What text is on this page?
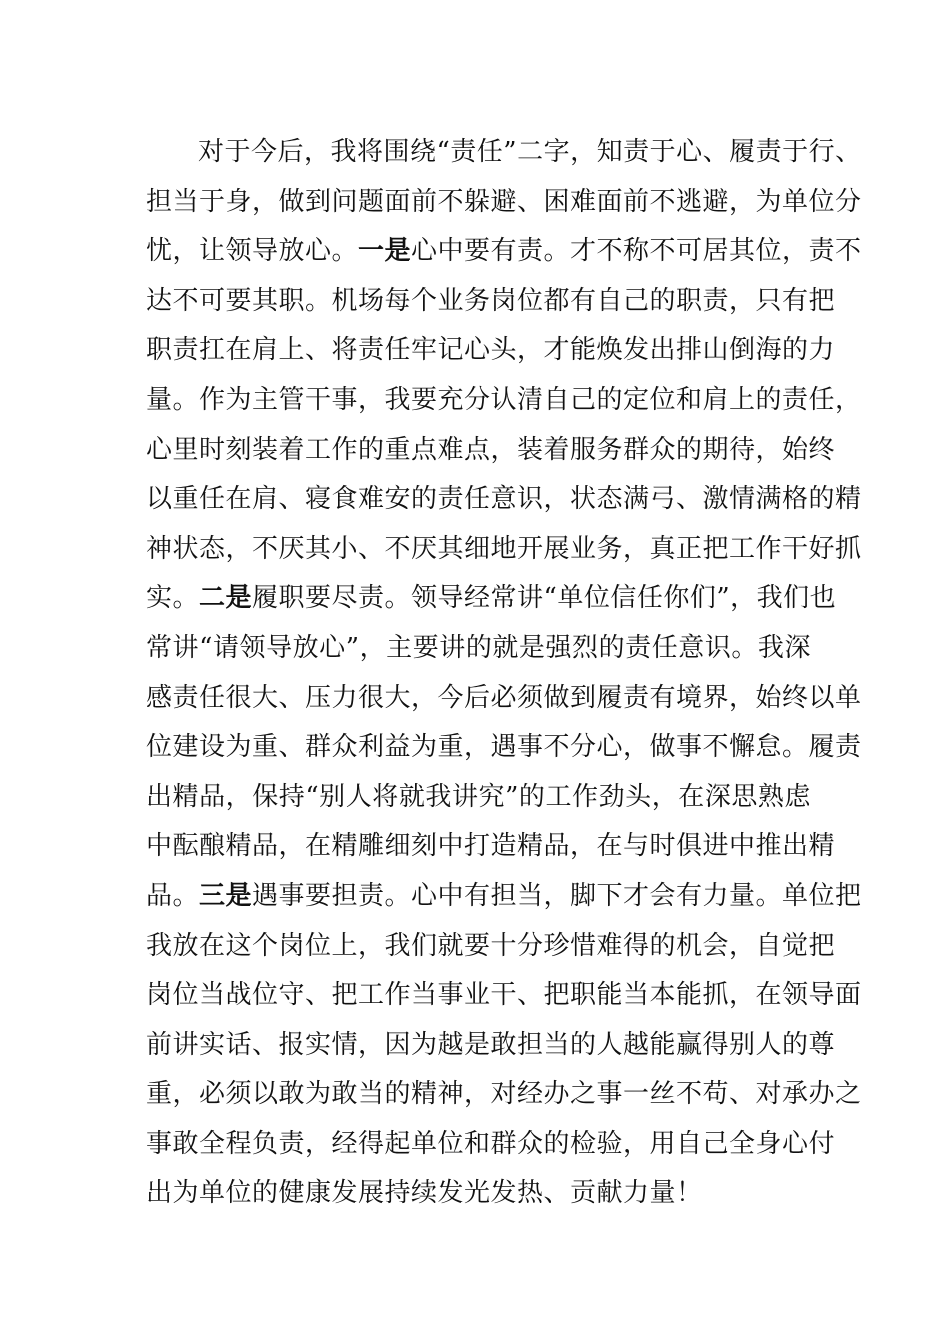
对于今后，我将围绕“责任”二字，知责于心、履责于行、
担当于身，做到问题面前不躲避、困难面前不逃避，为单位分
忧，让领导放心。一是心中要有责。才不称不可居其位，责不
达不可要其职。机场每个业务岗位都有自己的职责，只有把
职责扛在肩上、将责任牢记心头，才能焕发出排山倒海的力
量。作为主管干事，我要充分认清自己的定位和肩上的责任，
心里时刻装着工作的重点难点，装着服务群众的期待，始终
以重任在肩、寝食难安的责任意识，状态满弓、激情满格的精
神状态，不厌其小、不厌其细地开展业务，真正把工作干好抓
实。二是履职要尽责。领导经常讲“单位信任你们”，我们也
常讲“请领导放心”，主要讲的就是强烈的责任意识。我深
感责任很大、压力很大，今后必须做到履责有境界，始终以单
位建设为重、群众利益为重，遇事不分心，做事不懈怠。履责
出精品，保持“别人将就我讲究”的工作劲头，在深思熟虑
中酝酿精品，在精雕细刻中打造精品，在与时俱进中推出精
品。三是遇事要担责。心中有担当，脚下才会有力量。单位把
我放在这个岗位上，我们就要十分珍惜难得的机会，自觉把
岗位当战位守、把工作当事业干、把职能当本能抓，在领导面
前讲实话、报实情，因为越是敢担当的人越能赢得别人的尊
重，必须以敢为敢当的精神，对经办之事一丝不苟、对承办之
事敢全程负责，经得起单位和群众的检验，用自己全身心付
出为单位的健康发展持续发光发热、贡献力量！
